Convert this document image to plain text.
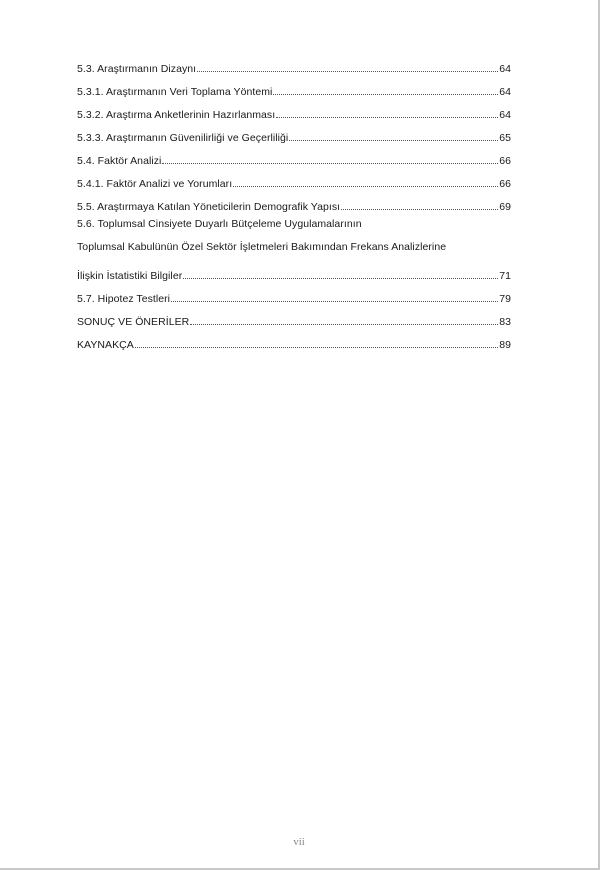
5.3. Araştırmanın Dizaynı	64
5.3.1. Araştırmanın Veri Toplama Yöntemi	64
5.3.2. Araştırma Anketlerinin Hazırlanması	64
5.3.3. Araştırmanın Güvenilirliği ve Geçerliliği	65
5.4. Faktör Analizi	66
5.4.1. Faktör Analizi ve Yorumları	66
5.5. Araştırmaya Katılan Yöneticilerin Demografik Yapısı	69
5.6. Toplumsal Cinsiyete Duyarlı Bütçeleme Uygulamalarının
Toplumsal Kabulünün Özel Sektör İşletmeleri Bakımından Frekans Analizlerine
İlişkin İstatistiki Bilgiler	71
5.7. Hipotez Testleri	79
SONUÇ VE ÖNERİLER	83
KAYNAKÇA	89
vii
